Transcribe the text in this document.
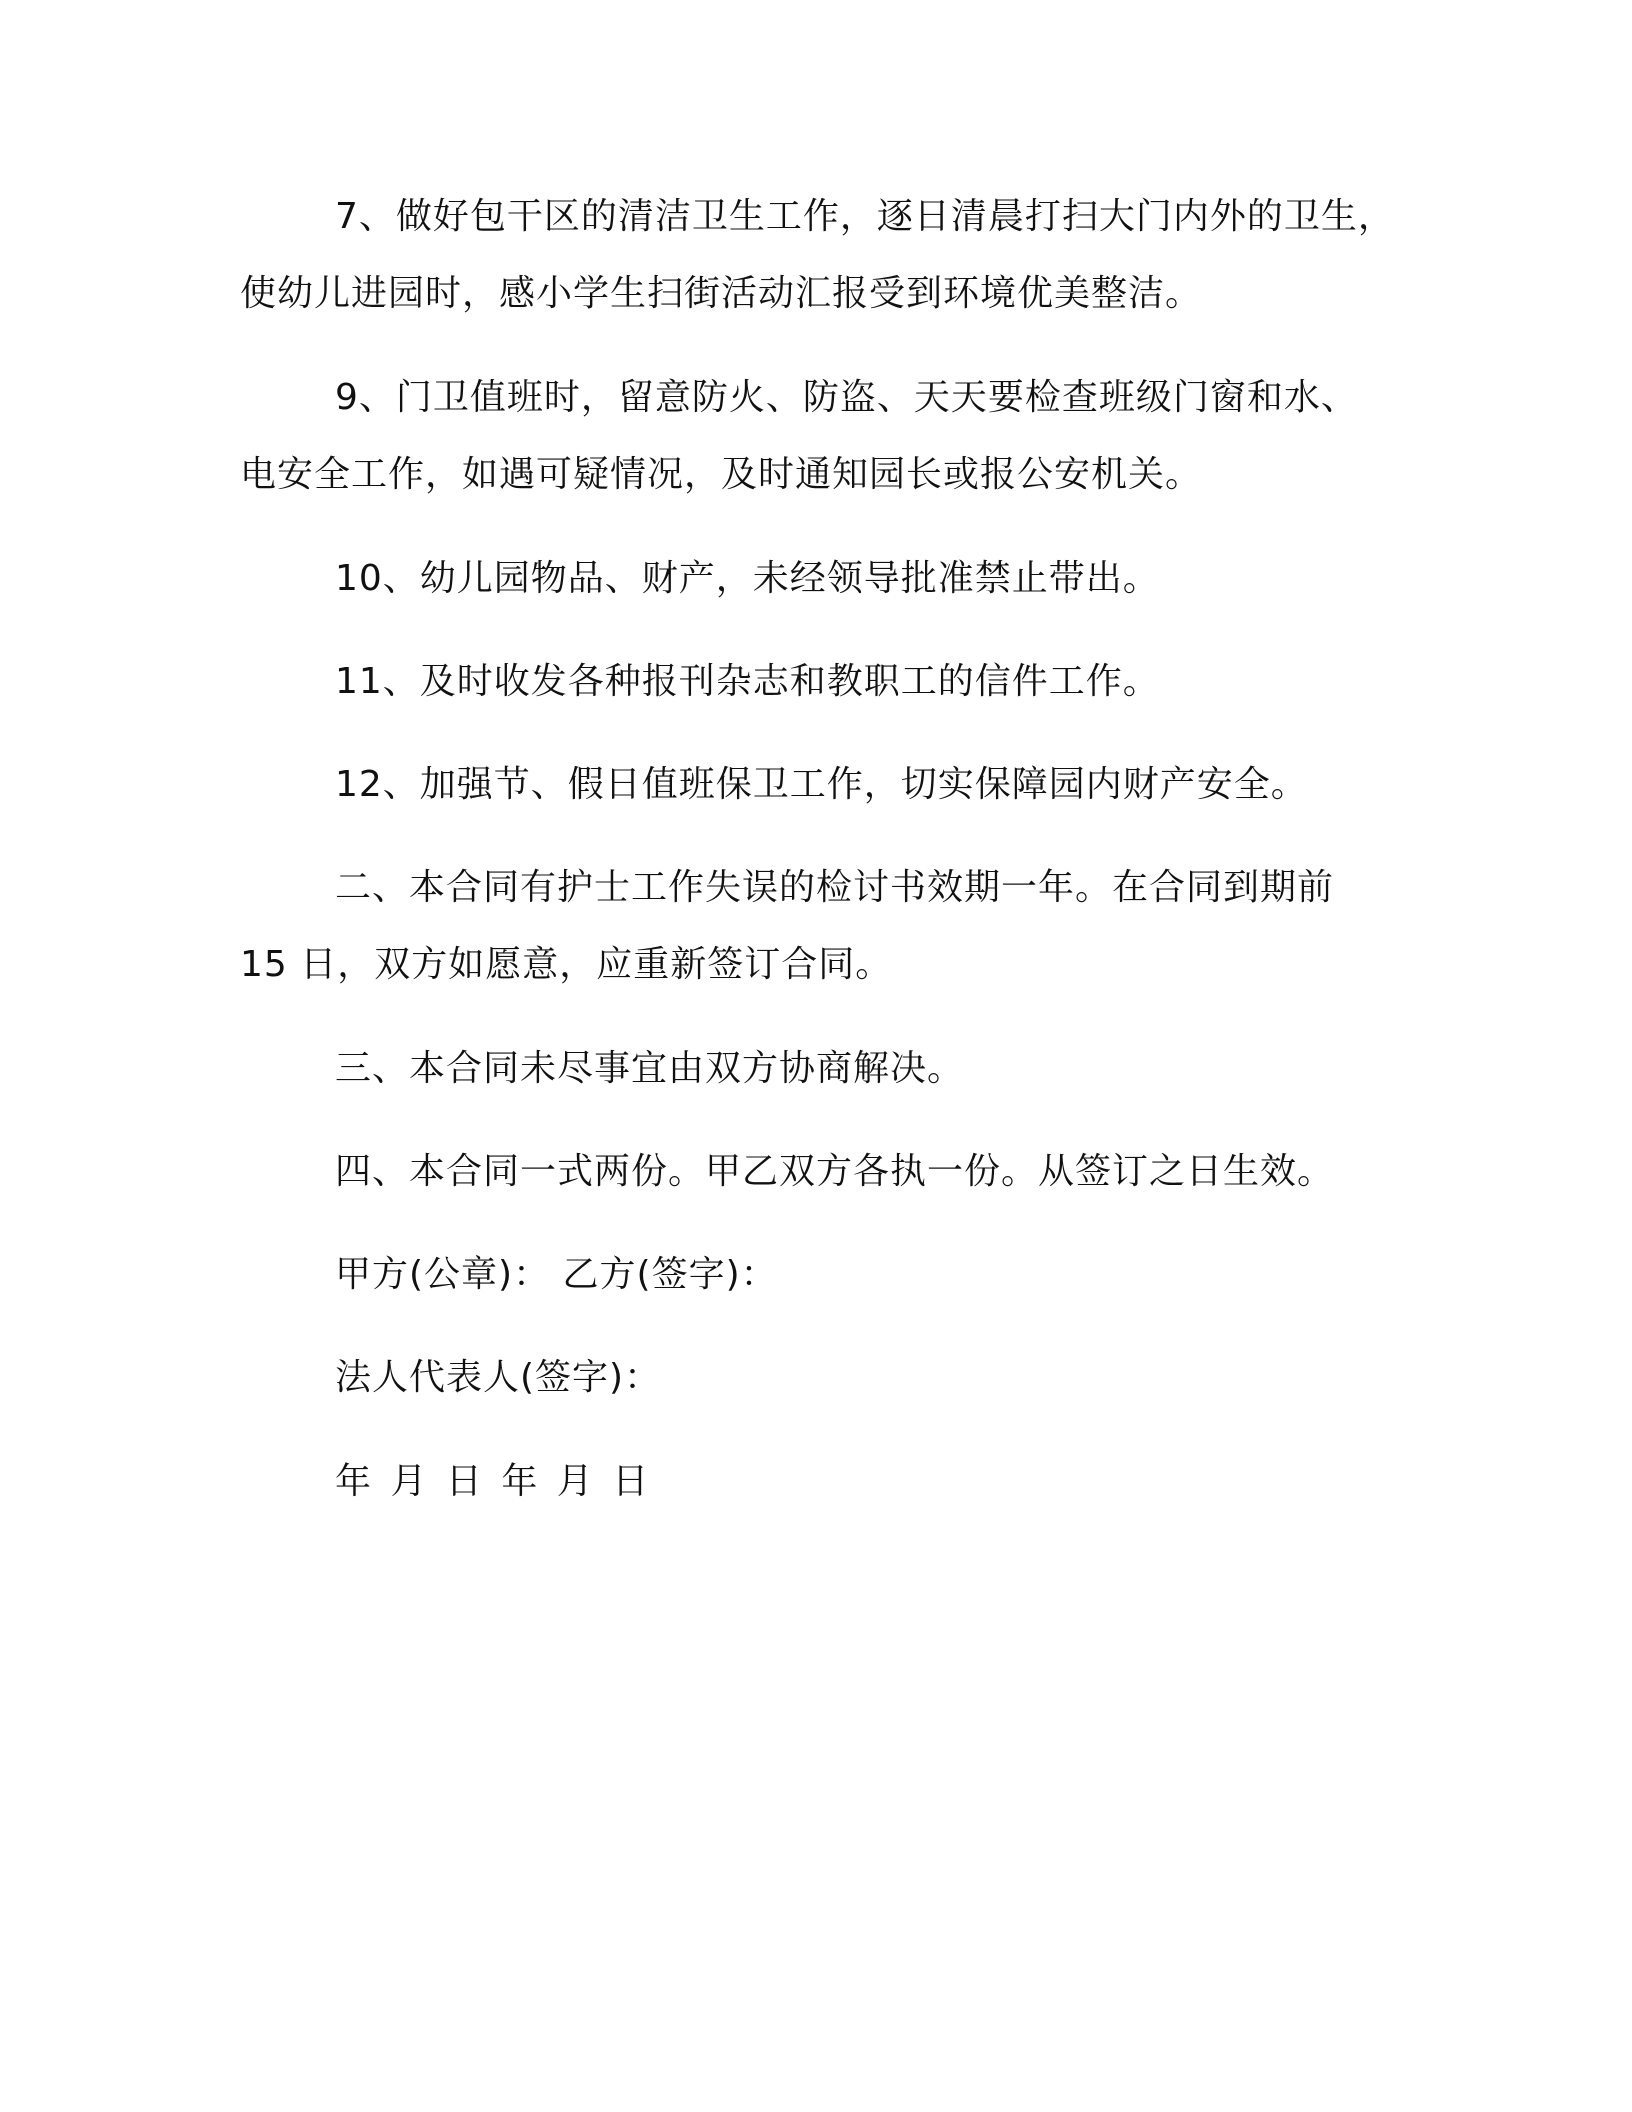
7、做好包干区的清洁卫生工作，逐日清晨打扫大门内外的卫生，
使幼儿进园时，感小学生扫街活动汇报受到环境优美整洁。
9、门卫值班时，留意防火、防盗、天天要检查班级门窗和水、
电安全工作，如遇可疑情况，及时通知园长或报公安机关。
10、幼儿园物品、财产，未经领导批准禁止带出。
11、及时收发各种报刊杂志和教职工的信件工作。
12、加强节、假日值班保卫工作，切实保障园内财产安全。
二、本合同有护士工作失误的检讨书效期一年。在合同到期前
15 日，双方如愿意，应重新签订合同。
三、本合同未尽事宜由双方协商解决。
四、本合同一式两份。甲乙双方各执一份。从签订之日生效。
甲方(公章)： 乙方(签字)：
法人代表人(签字)：
年 月 日 年 月 日
